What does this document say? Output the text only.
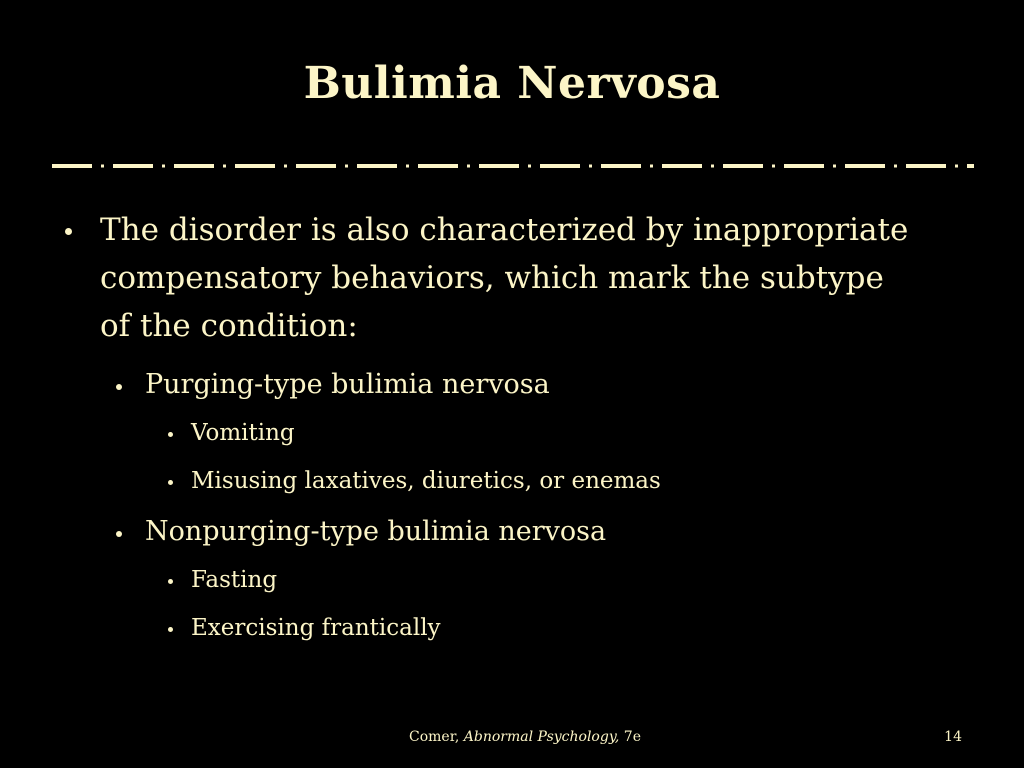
Bulimia Nervosa
The disorder is also characterized by inappropriate compensatory behaviors, which mark the subtype of the condition:
Purging-type bulimia nervosa
Vomiting
Misusing laxatives, diuretics, or enemas
Nonpurging-type bulimia nervosa
Fasting
Exercising frantically
Comer, Abnormal Psychology, 7e	14
